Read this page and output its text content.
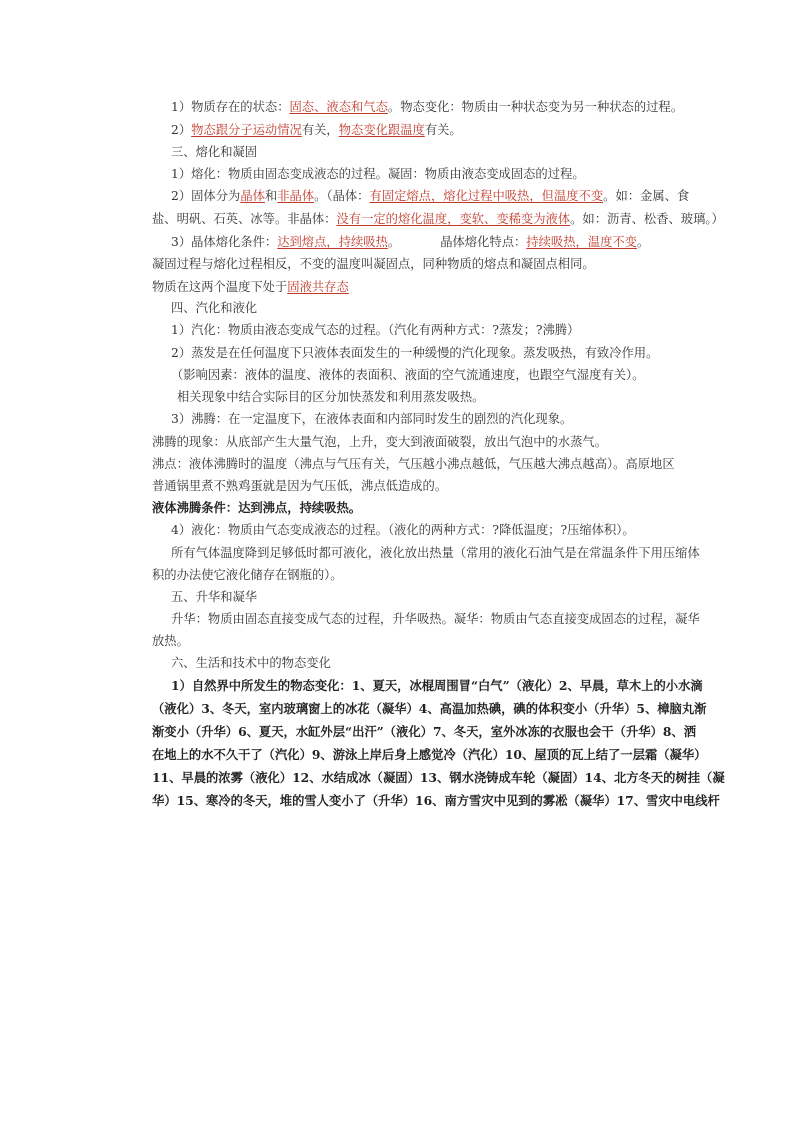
1）物质存在的状态：固态、液态和气态。物态变化：物质由一种状态变为另一种状态的过程。
2）物态跟分子运动情况有关，物态变化跟温度有关。
三、熔化和凝固
1）熔化：物质由固态变成液态的过程。凝固：物质由液态变成固态的过程。
2）固体分为晶体和非晶体。（晶体：有固定熔点，熔化过程中吸热，但温度不变。如：金属、食
盐、明矾、石英、冰等。非晶体：没有一定的熔化温度，变软、变稀变为液体。如：沥青、松香、玻璃。）
3）晶体熔化条件：达到熔点，持续吸热。	晶体熔化特点：持续吸热，温度不变。
凝固过程与熔化过程相反，不变的温度叫凝固点，同种物质的熔点和凝固点相同。
物质在这两个温度下处于固液共存态
四、汽化和液化
1）汽化：物质由液态变成气态的过程。（汽化有两种方式：?蒸发；?沸腾）
2）蒸发是在任何温度下只液体表面发生的一种缓慢的汽化现象。蒸发吸热，有致冷作用。
（影响因素：液体的温度、液体的表面积、液面的空气流通速度，也跟空气湿度有关）。
相关现象中结合实际目的区分加快蒸发和利用蒸发吸热。
3）沸腾：在一定温度下，在液体表面和内部同时发生的剧烈的汽化现象。
沸腾的现象：从底部产生大量气泡，上升，变大到液面破裂，放出气泡中的水蒸气。
沸点：液体沸腾时的温度（沸点与气压有关，气压越小沸点越低，气压越大沸点越高）。高原地区
普通锅里煮不熟鸡蛋就是因为气压低，沸点低造成的。
液体沸腾条件：达到沸点，持续吸热。
4）液化：物质由气态变成液态的过程。（液化的两种方式：?降低温度；?压缩体积）。
所有气体温度降到足够低时都可液化，液化放出热量（常用的液化石油气是在常温条件下用压缩体
积的办法使它液化储存在钢瓶的）。
五、升华和凝华
升华：物质由固态直接变成气态的过程，升华吸热。凝华：物质由气态直接变成固态的过程，凝华
放热。
六、生活和技术中的物态变化
1）自然界中所发生的物态变化：1、夏天，冰棍周围冒“白气”（液化）2、早晨，草木上的小水滴
（液化）3、冬天，室内玻璃窗上的冰花（凝华）4、高温加热碘，碘的体积变小（升华）5、樟脑丸渐
渐变小（升华）6、夏天，水缸外层“出汗”（液化）7、冬天，室外冰冻的衣服也会干（升华）8、洒
在地上的水不久干了（汽化）9、游泳上岸后身上感觉冷（汽化）10、屋顶的瓦上结了一层霜（凝华）
11、早晨的浓雾（液化）12、水结成冰（凝固）13、钢水浇铸成车轮（凝固）14、北方冬天的树挂（凝
华）15、寒冷的冬天，堆的雪人变小了（升华）16、南方雪灾中见到的雾凇（凝华）17、雪灾中电线杆
